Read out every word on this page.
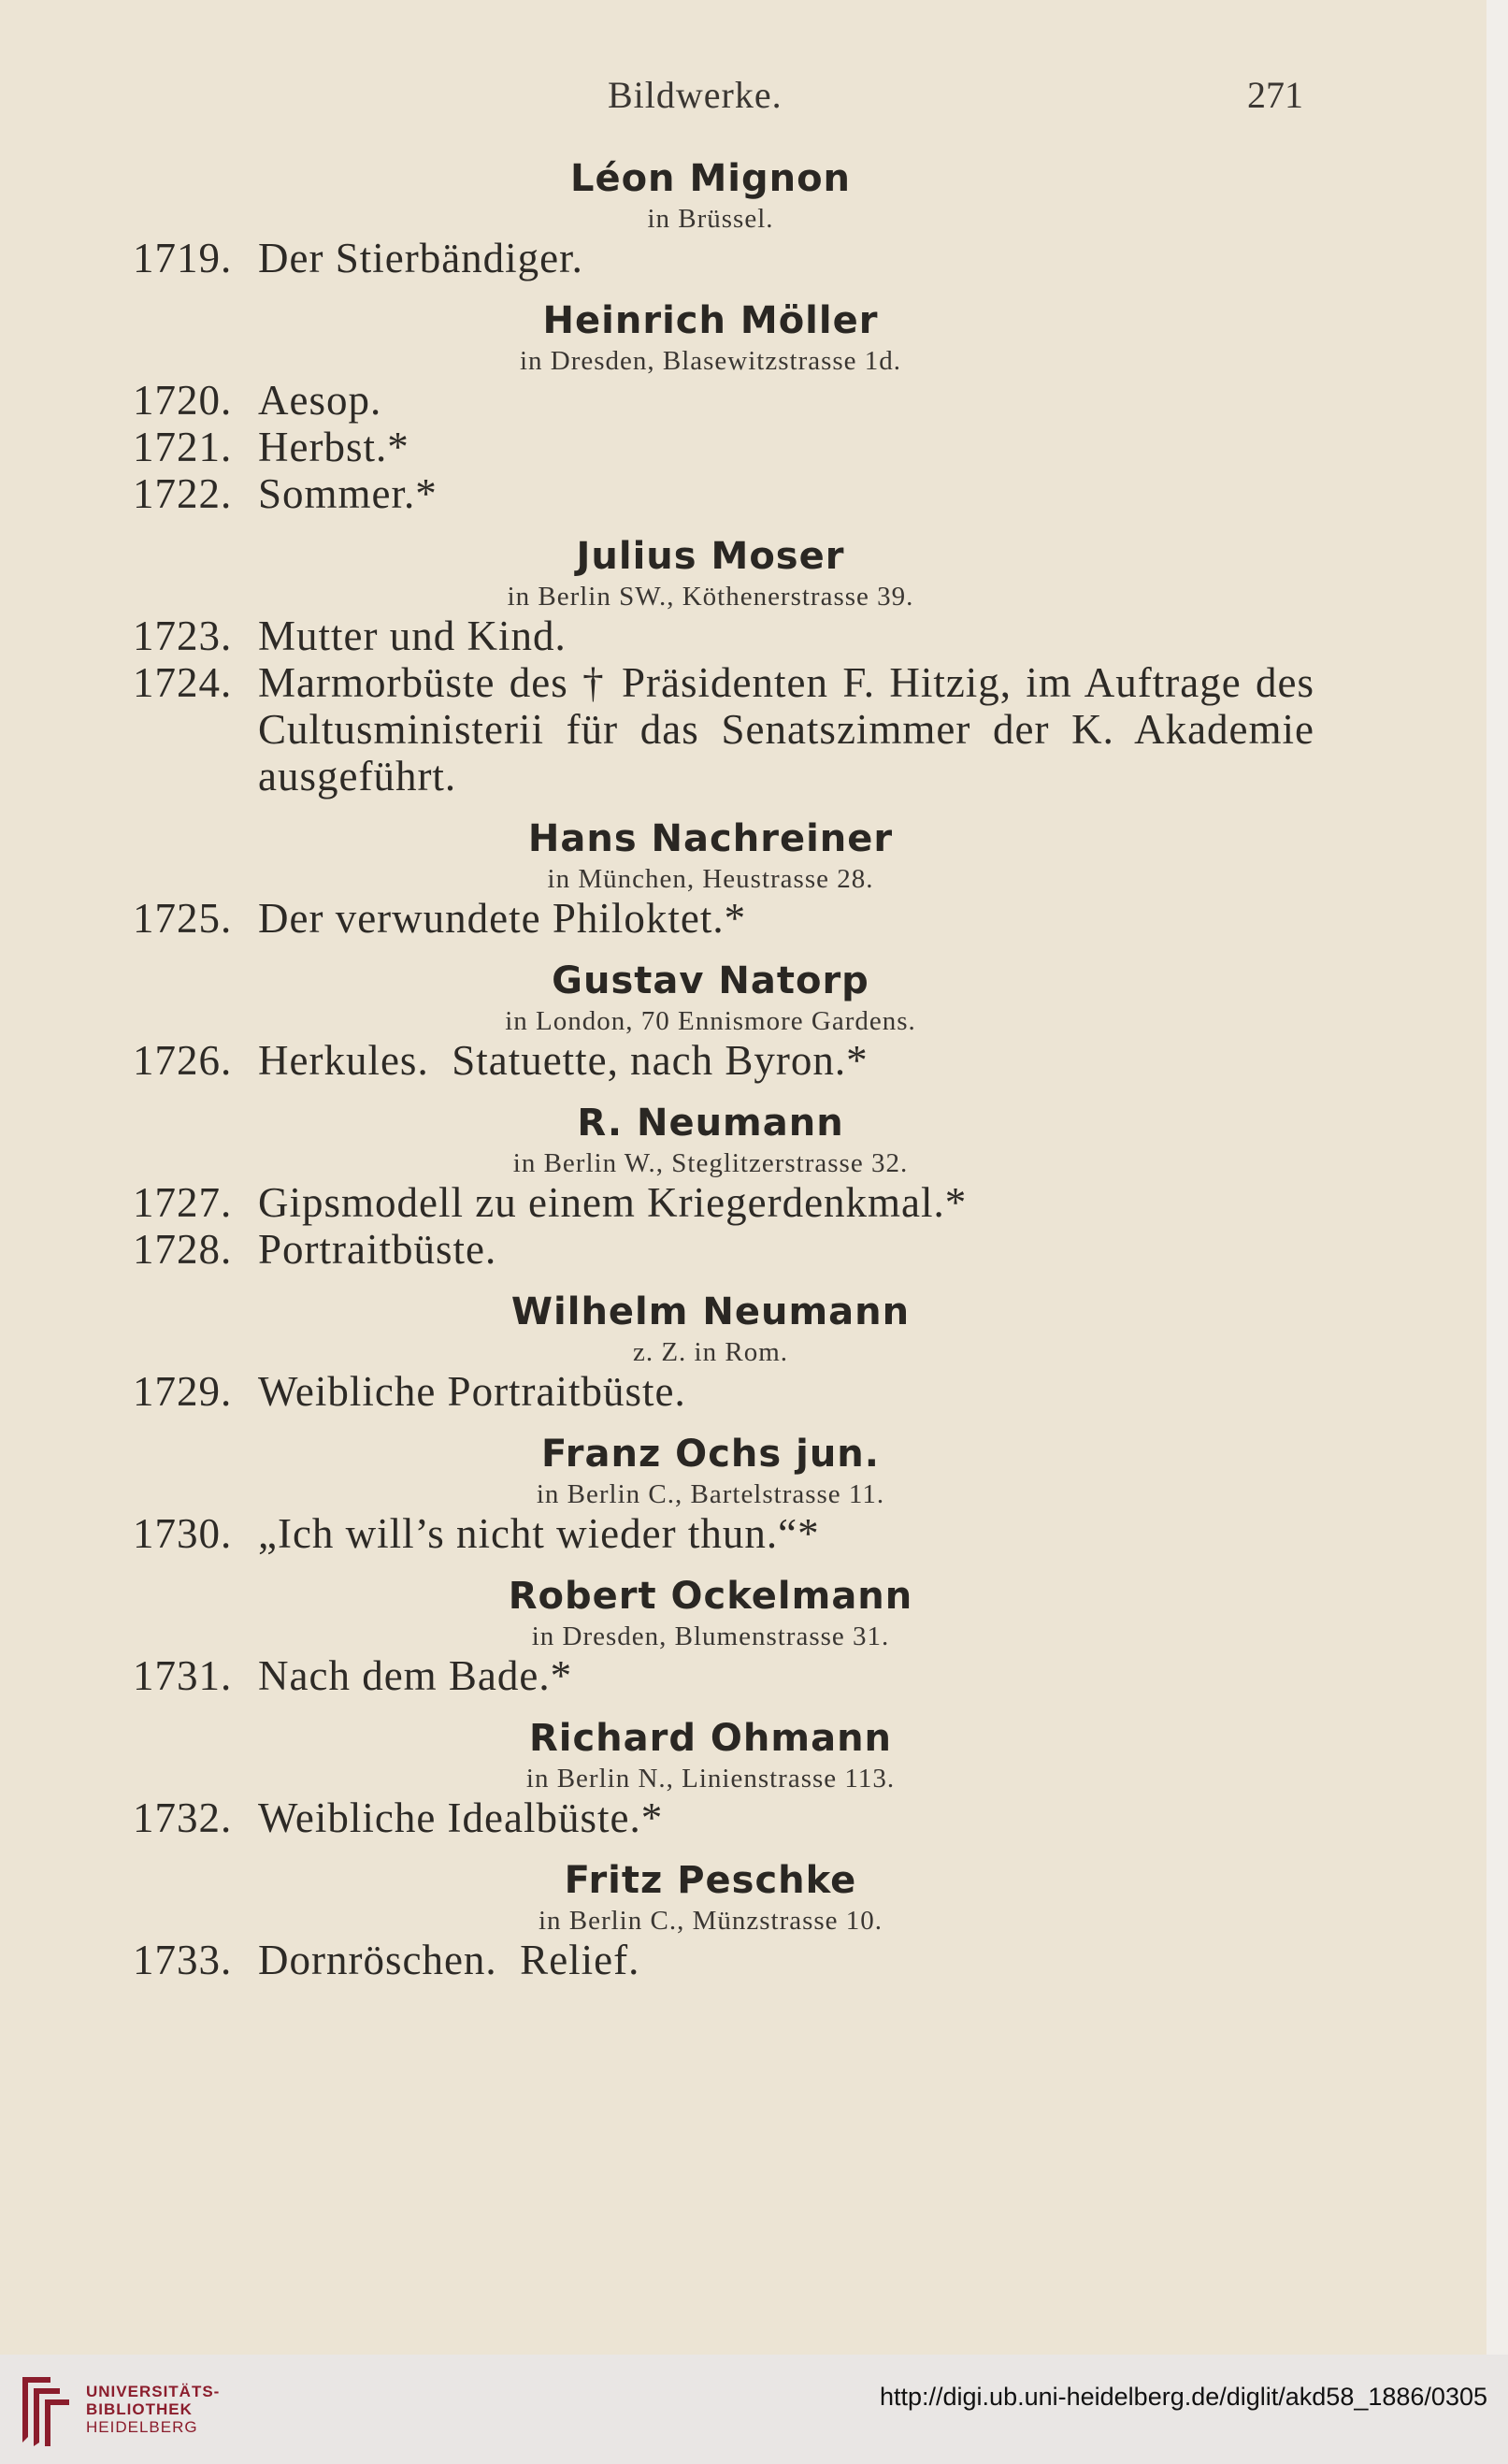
Bildwerke.	271
Léon Mignon
in Brüssel.
1719. Der Stierbändiger.
Heinrich Möller
in Dresden, Blasewitzstrasse 1d.
1720. Aesop.
1721. Herbst.*
1722. Sommer.*
Julius Moser
in Berlin SW., Köthenerstrasse 39.
1723. Mutter und Kind.
1724. Marmorbüste des † Präsidenten F. Hitzig, im Auftrage des Cultusministerii für das Senatszimmer der K. Akademie ausgeführt.
Hans Nachreiner
in München, Heustrasse 28.
1725. Der verwundete Philoktet.*
Gustav Natorp
in London, 70 Ennismore Gardens.
1726. Herkules.  Statuette, nach Byron.*
R. Neumann
in Berlin W., Steglitzerstrasse 32.
1727. Gipsmodell zu einem Kriegerdenkmal.*
1728. Portraitbüste.
Wilhelm Neumann
z. Z. in Rom.
1729. Weibliche Portraitbüste.
Franz Ochs jun.
in Berlin C., Bartelstrasse 11.
1730. „Ich will’s nicht wieder thun.“*
Robert Ockelmann
in Dresden, Blumenstrasse 31.
1731. Nach dem Bade.*
Richard Ohmann
in Berlin N., Linienstrasse 113.
1732. Weibliche Idealbüste.*
Fritz Peschke
in Berlin C., Münzstrasse 10.
1733. Dornröschen.  Relief.
UNIVERSITÄTS-
BIBLIOTHEK
HEIDELBERG
http://digi.ub.uni-heidelberg.de/diglit/akd58_1886/0305
